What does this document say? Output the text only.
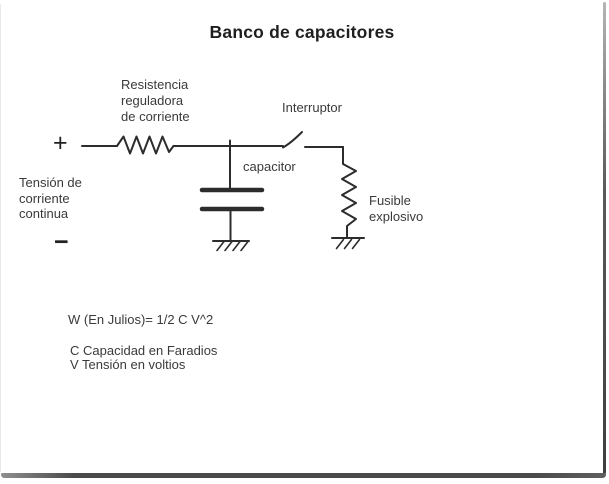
Banco de capacitores
Resistencia
reguladora
de corriente
Interruptor
capacitor
Fusible
explosivo
Tensión de
corriente
continua
+
−
W (En Julios)= 1/2 C V^2
C Capacidad en Faradios
V Tensión en voltios
